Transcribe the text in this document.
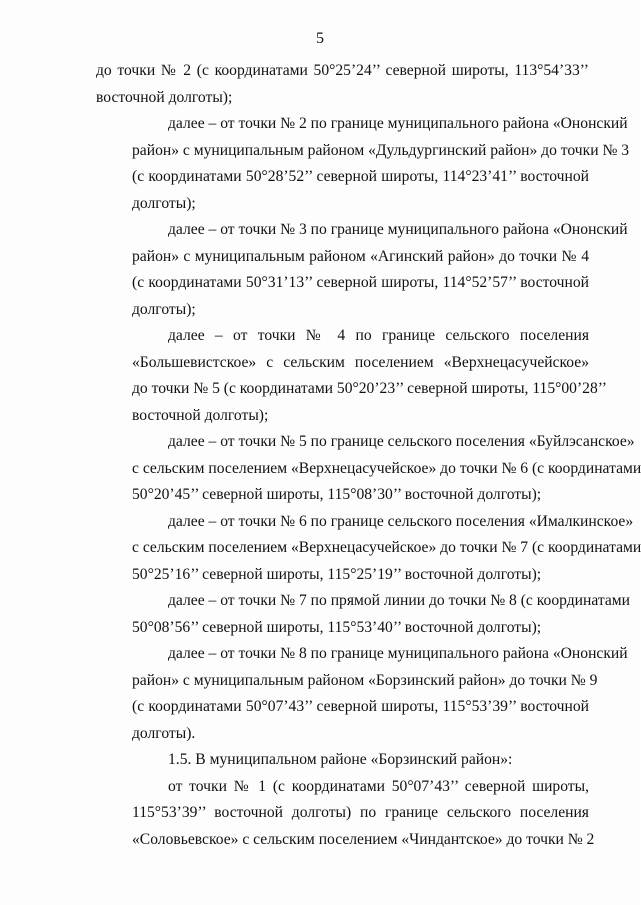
5

до точки № 2 (с координатами 50°25’24’’ северной широты, 113°54’33’’
восточной долготы);

далее – от точки № 2 по границе муниципального района «Ононский
район» с муниципальным районом «Дульдургинский район» до точки № 3
(с координатами 50°28’52’’ северной широты, 114°23’41’’ восточной
долготы);

далее – от точки № 3 по границе муниципального района «Ононский
район» с муниципальным районом «Агинский район» до точки № 4
(с координатами 50°31’13’’ северной широты, 114°52’57’’ восточной
долготы);

далее – от точки № 4 по границе сельского поселения
«Большевистское» с сельским поселением «Верхнецасучейское»
до точки № 5 (с координатами 50°20’23’’ северной широты, 115°00’28’’
восточной долготы);

далее – от точки № 5 по границе сельского поселения «Буйлэсанское»
с сельским поселением «Верхнецасучейское» до точки № 6 (с координатами
50°20’45’’ северной широты, 115°08’30’’ восточной долготы);

далее – от точки № 6 по границе сельского поселения «Ималкинское»
с сельским поселением «Верхнецасучейское» до точки № 7 (с координатами
50°25’16’’ северной широты, 115°25’19’’ восточной долготы);

далее – от точки № 7 по прямой линии до точки № 8 (с координатами
50°08’56’’ северной широты, 115°53’40’’ восточной долготы);

далее – от точки № 8 по границе муниципального района «Ононский
район» с муниципальным районом «Борзинский район» до точки № 9
(с координатами 50°07’43’’ северной широты, 115°53’39’’ восточной
долготы).

1.5. В муниципальном районе «Борзинский район»:

от точки № 1 (с координатами 50°07’43’’ северной широты,
115°53’39’’ восточной долготы) по границе сельского поселения
«Соловьевское» с сельским поселением «Чиндантское» до точки № 2
